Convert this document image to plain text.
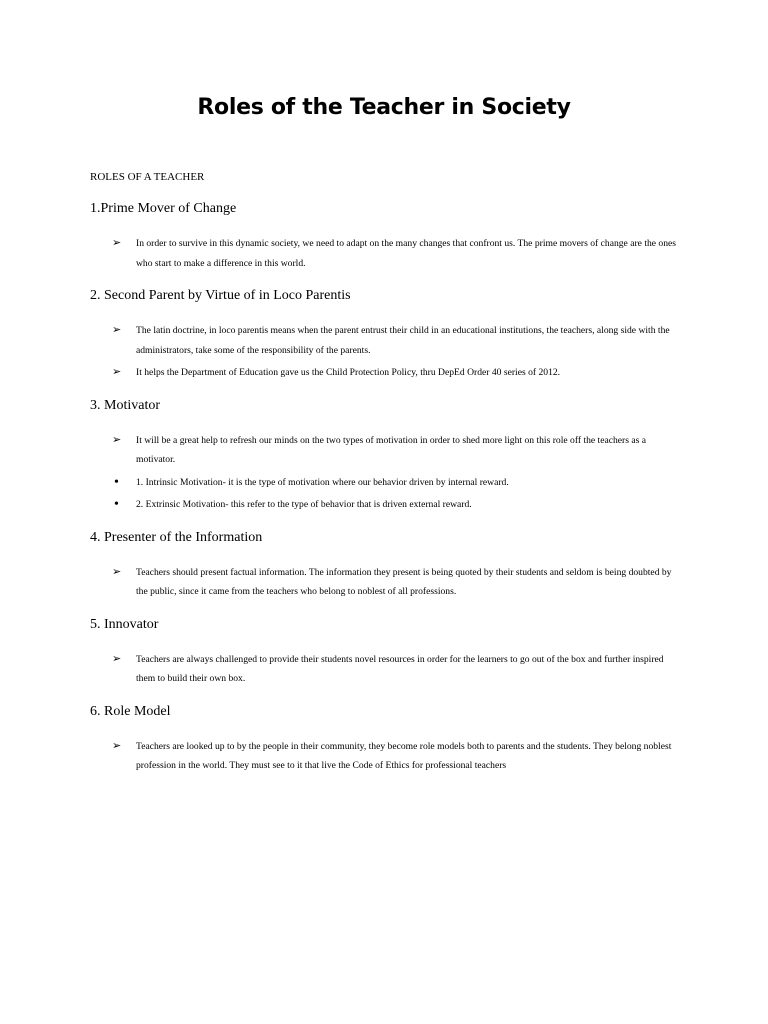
Roles of the Teacher in Society

ROLES OF A TEACHER

1.Prime Mover of Change
➢ In order to survive in this dynamic society, we need to adapt on the many changes that confront us. The prime movers of change are the ones who start to make a difference in this world.
2. Second Parent by Virtue of in Loco Parentis
➢ The latin doctrine, in loco parentis means when the parent entrust their child in an educational institutions, the teachers, along side with the administrators, take some of the responsibility of the parents.
➢ It helps the Department of Education gave us the Child Protection Policy, thru DepEd Order 40 series of 2012.
3. Motivator
➢ It will be a great help to refresh our minds on the two types of motivation in order to shed more light on this role off the teachers as a motivator.
• 1. Intrinsic Motivation- it is the type of motivation where our behavior driven by internal reward.
• 2. Extrinsic Motivation- this refer to the type of behavior that is driven external reward.
4. Presenter of the Information
➢ Teachers should present factual information. The information they present is being quoted by their students and seldom is being doubted by the public, since it came from the teachers who belong to noblest of all professions.
5. Innovator
➢ Teachers are always challenged to provide their students novel resources in order for the learners to go out of the box and further inspired them to build their own box.
6. Role Model
➢ Teachers are looked up to by the people in their community, they become role models both to parents and the students. They belong noblest profession in the world. They must see to it that live the Code of Ethics for professional teachers
